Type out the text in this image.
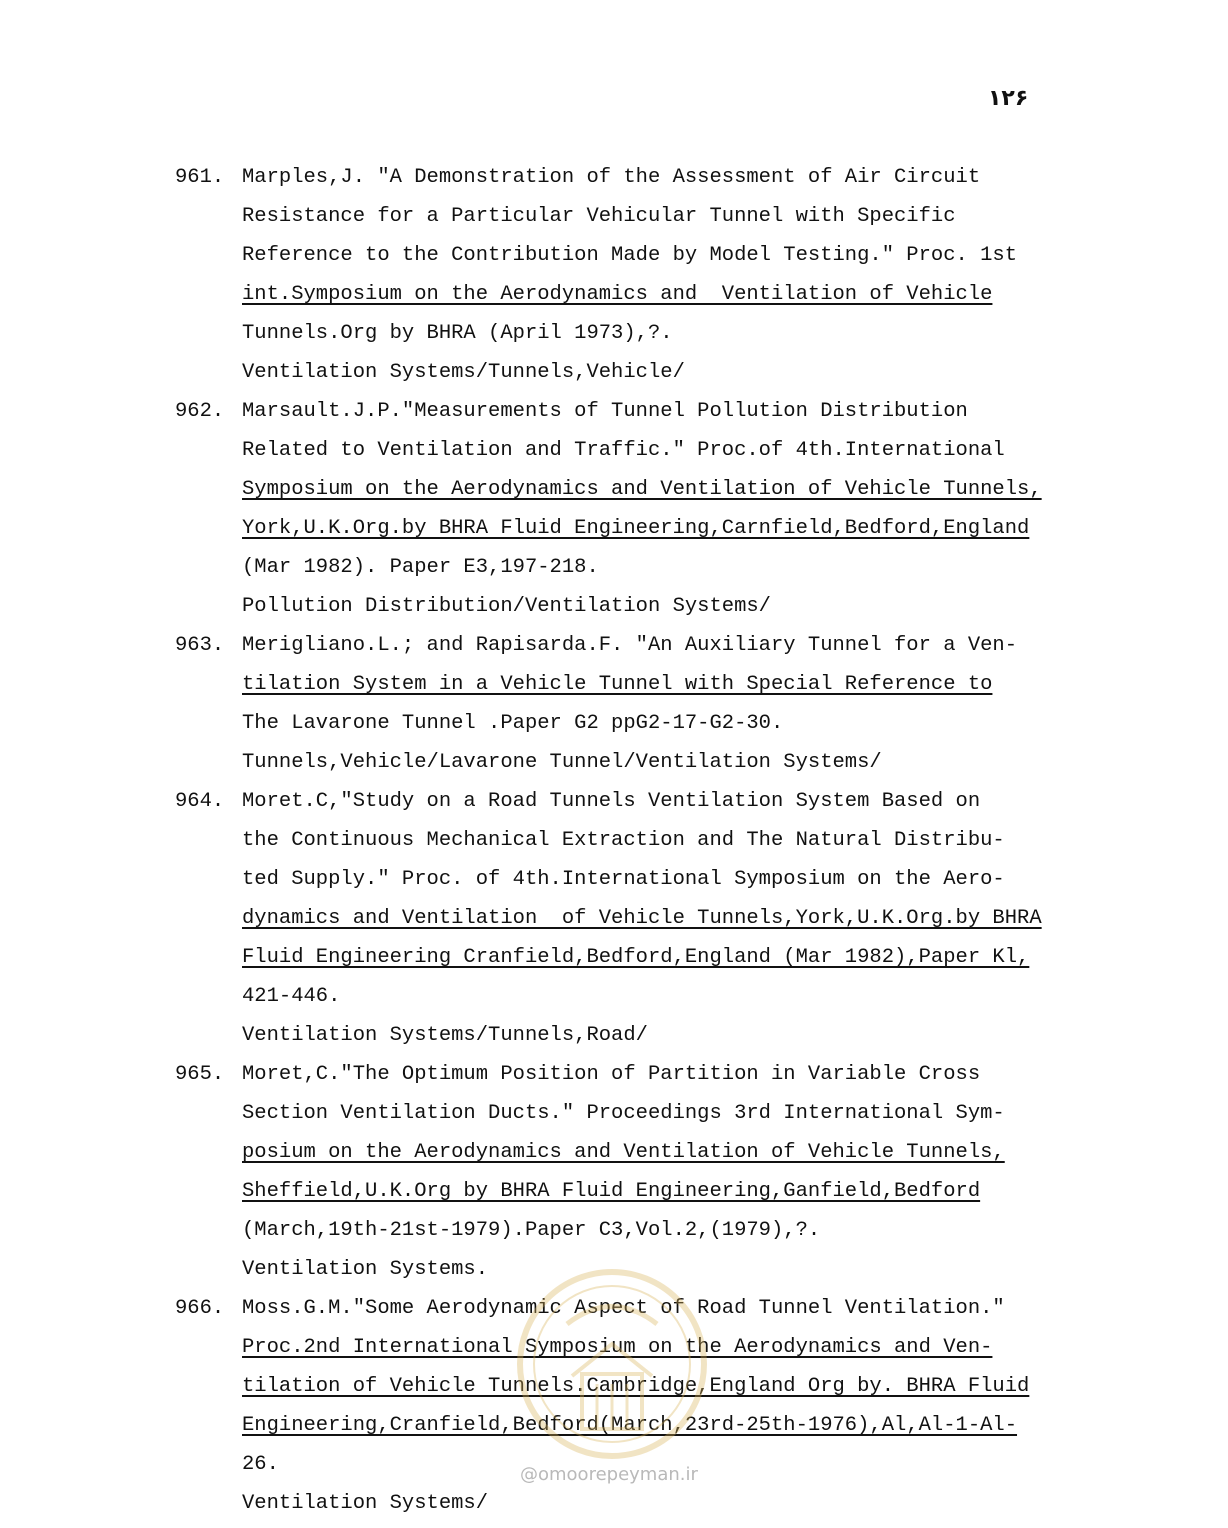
۱۲۶
961. Marples,J. "A Demonstration of the Assessment of Air Circuit
Resistance for a Particular Vehicular Tunnel with Specific
Reference to the Contribution Made by Model Testing." Proc. 1st
int.Symposium on the Aerodynamics and  Ventilation of Vehicle
Tunnels.Org by BHRA (April 1973),?.
Ventilation Systems/Tunnels,Vehicle/
962. Marsault.J.P."Measurements of Tunnel Pollution Distribution
Related to Ventilation and Traffic." Proc.of 4th.International
Symposium on the Aerodynamics and Ventilation of Vehicle Tunnels,
York,U.K.Org.by BHRA Fluid Engineering,Carnfield,Bedford,England
(Mar 1982). Paper E3,197-218.
Pollution Distribution/Ventilation Systems/
963. Merigliano.L.; and Rapisarda.F. "An Auxiliary Tunnel for a Ven-
tilation System in a Vehicle Tunnel with Special Reference to
The Lavarone Tunnel .Paper G2 ppG2-17-G2-30.
Tunnels,Vehicle/Lavarone Tunnel/Ventilation Systems/
964. Moret.C,"Study on a Road Tunnels Ventilation System Based on
the Continuous Mechanical Extraction and The Natural Distribu-
ted Supply." Proc. of 4th.International Symposium on the Aero-
dynamics and Ventilation  of Vehicle Tunnels,York,U.K.Org.by BHRA
Fluid Engineering Cranfield,Bedford,England (Mar 1982),Paper Kl,
421-446.
Ventilation Systems/Tunnels,Road/
965. Moret,C."The Optimum Position of Partition in Variable Cross
Section Ventilation Ducts." Proceedings 3rd International Sym-
posium on the Aerodynamics and Ventilation of Vehicle Tunnels,
Sheffield,U.K.Org by BHRA Fluid Engineering,Ganfield,Bedford
(March,19th-21st-1979).Paper C3,Vol.2,(1979),?.
Ventilation Systems.
966. Moss.G.M."Some Aerodynamic Aspect of Road Tunnel Ventilation."
Proc.2nd International Symposium on the Aerodynamics and Ven-
tilation of Vehicle Tunnels.Cambridge,England Org by. BHRA Fluid
Engineering,Cranfield,Bedford(March,23rd-25th-1976),Al,Al-1-Al-
26.
Ventilation Systems/
@omoorepeyman.ir
